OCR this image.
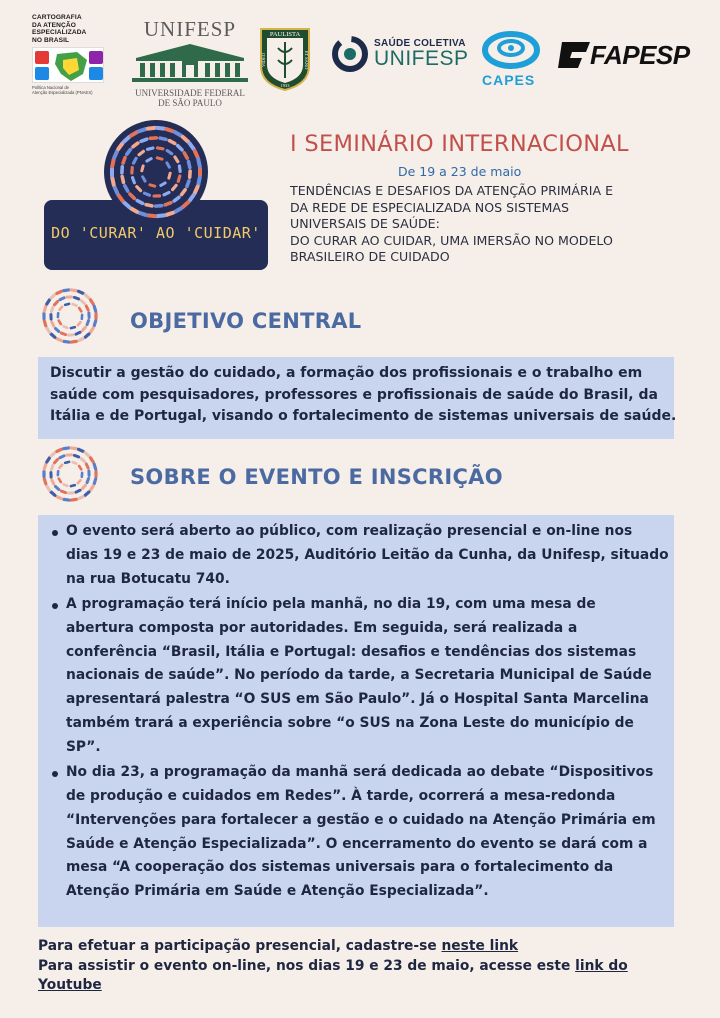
CARTOGRAFIA
DA ATENÇÃO
ESPECIALIZADA
NO BRASIL
Política Nacional de
Atenção Especializada (PNAES)
UNIFESP
UNIVERSIDADE FEDERAL
DE SÃO PAULO
PAULISTA
VIDEO	ET SANO
1933
SAÚDE COLETIVA
UNIFESP
CAPES
FAPESP
DO 'CURAR' AO 'CUIDAR'
I SEMINÁRIO INTERNACIONAL
De 19 a 23 de maio
TENDÊNCIAS E DESAFIOS DA ATENÇÃO PRIMÁRIA E
DA REDE DE ESPECIALIZADA NOS SISTEMAS
UNIVERSAIS DE SAÚDE:
DO CURAR AO CUIDAR, UMA IMERSÃO NO MODELO
BRASILEIRO DE CUIDADO
OBJETIVO CENTRAL

Discutir a gestão do cuidado, a formação dos profissionais e o trabalho em
saúde com pesquisadores, professores e profissionais de saúde do Brasil, da
Itália e de Portugal, visando o fortalecimento de sistemas universais de saúde.

SOBRE O EVENTO E INSCRIÇÃO
O evento será aberto ao público, com realização presencial e on-line nos
dias 19 e 23 de maio de 2025, Auditório Leitão da Cunha, da Unifesp, situado
na rua Botucatu 740.
A programação terá início pela manhã, no dia 19, com uma mesa de
abertura composta por autoridades. Em seguida, será realizada a
conferência “Brasil, Itália e Portugal: desafios e tendências dos sistemas
nacionais de saúde”. No período da tarde, a Secretaria Municipal de Saúde
apresentará palestra “O SUS em São Paulo”. Já o Hospital Santa Marcelina
também trará a experiência sobre “o SUS na Zona Leste do município de
SP”.
No dia 23, a programação da manhã será dedicada ao debate “Dispositivos
de produção e cuidados em Redes”. À tarde, ocorrerá a mesa-redonda
“Intervenções para fortalecer a gestão e o cuidado na Atenção Primária em
Saúde e Atenção Especializada”. O encerramento do evento se dará com a
mesa “A cooperação dos sistemas universais para o fortalecimento da
Atenção Primária em Saúde e Atenção Especializada”.
Para efetuar a participação presencial, cadastre-se neste link
Para assistir o evento on-line, nos dias 19 e 23 de maio, acesse este link do
Youtube
